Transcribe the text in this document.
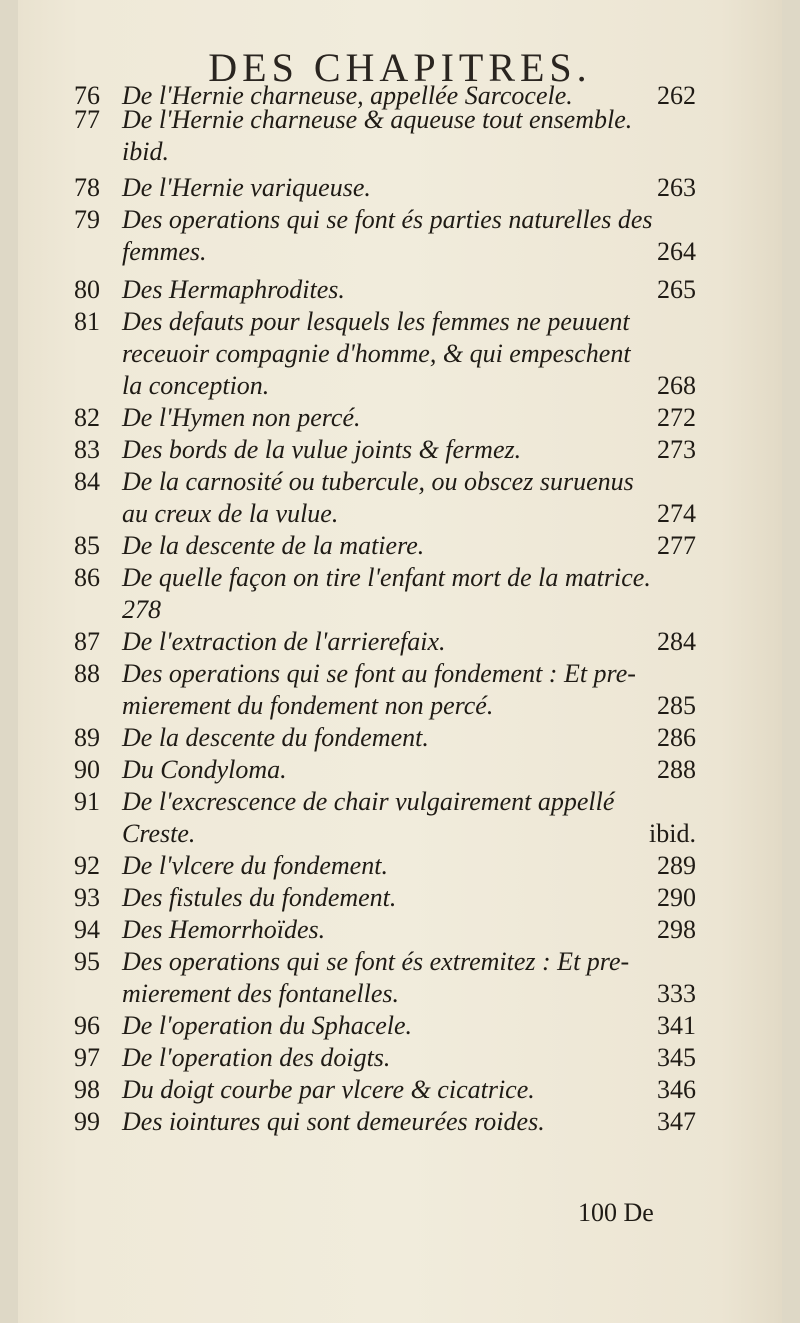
DES CHAPITRES.
76 De l'Hernie charneuse, appellée Sarcocele.	262
77 De l'Hernie charneuse & aqueuse tout ensemble.
ibid.
78 De l'Hernie variqueuse.	263
79 Des operations qui se font és parties naturelles des
femmes.	264
80 Des Hermaphrodites.	265
81 Des defauts pour lesquels les femmes ne peuuent
receuoir compagnie d'homme, & qui empeschent
la conception.	268
82 De l'Hymen non percé.	272
83 Des bords de la vulue joints & fermez.	273
84 De la carnosité ou tubercule, ou obscez suruenus
au creux de la vulue.	274
85 De la descente de la matiere.	277
86 De quelle façon on tire l'enfant mort de la matrice.
278
87 De l'extraction de l'arrierefaix.	284
88 Des operations qui se font au fondement : Et pre-
mierement du fondement non percé.	285
89 De la descente du fondement.	286
90 Du Condyloma.	288
91 De l'excrescence de chair vulgairement appellé
Creste.	ibid.
92 De l'vlcere du fondement.	289
93 Des fistules du fondement.	290
94 Des Hemorrhoïdes.	298
95 Des operations qui se font és extremitez : Et pre-
mierement des fontanelles.	333
96 De l'operation du Sphacele.	341
97 De l'operation des doigts.	345
98 Du doigt courbe par vlcere & cicatrice.	346
99 Des iointures qui sont demeurées roides.	347
100 De
